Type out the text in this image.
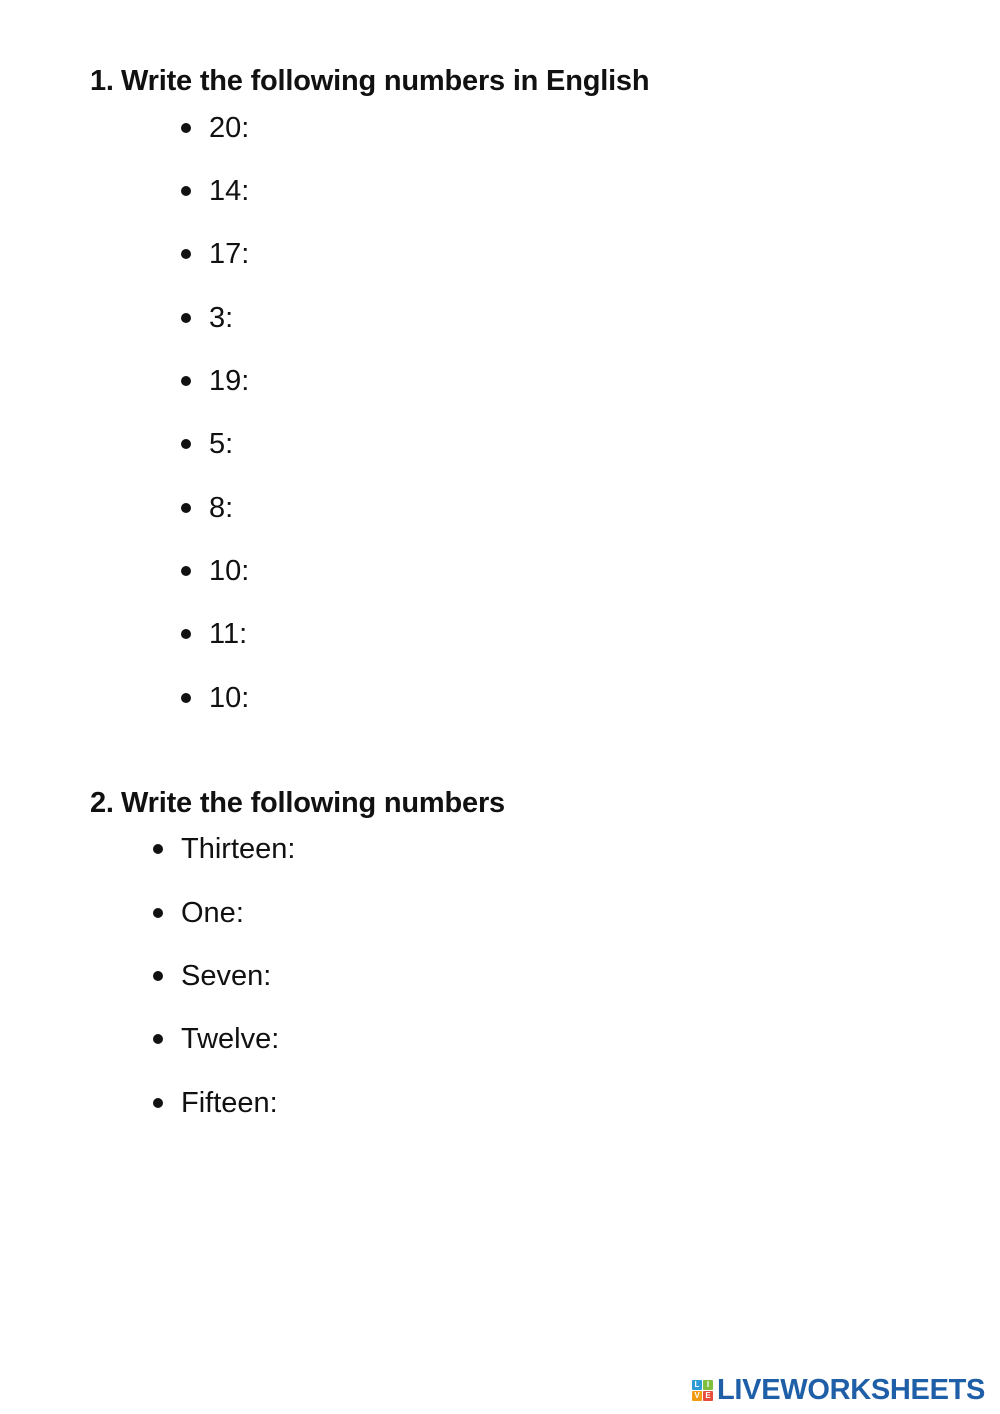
1. Write the following numbers in English
20:
14:
17:
3:
19:
5:
8:
10:
11:
10:
2. Write the following numbers
Thirteen:
One:
Seven:
Twelve:
Fifteen:
L I
V E LIVEWORKSHEETS
